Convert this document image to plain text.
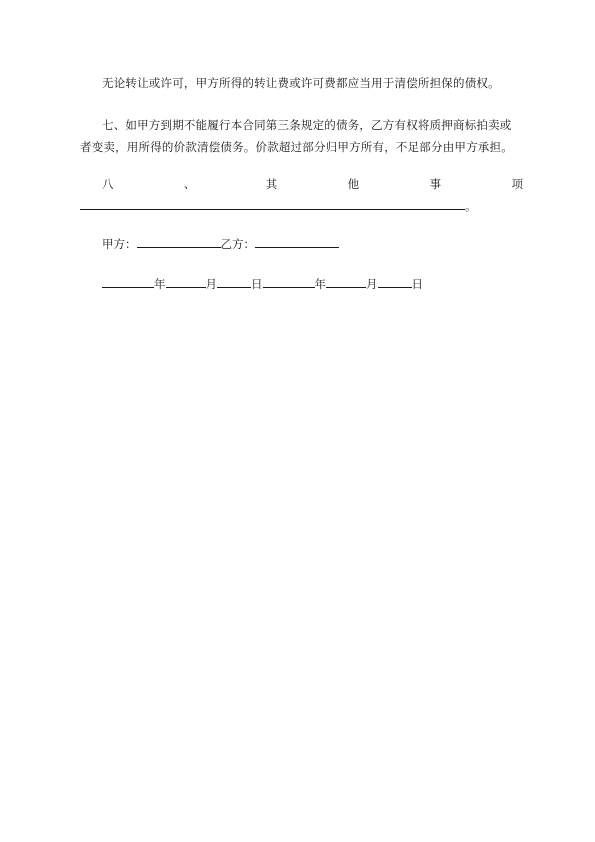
无论转让或许可，甲方所得的转让费或许可费都应当用于清偿所担保的债权。

七、如甲方到期不能履行本合同第三条规定的债务，乙方有权将质押商标拍卖或者变卖，用所得的价款清偿债务。价款超过部分归甲方所有，不足部分由甲方承担。

八	、	其	他	事	项
。
甲方：	乙方：
年	月	日	年	月	日
